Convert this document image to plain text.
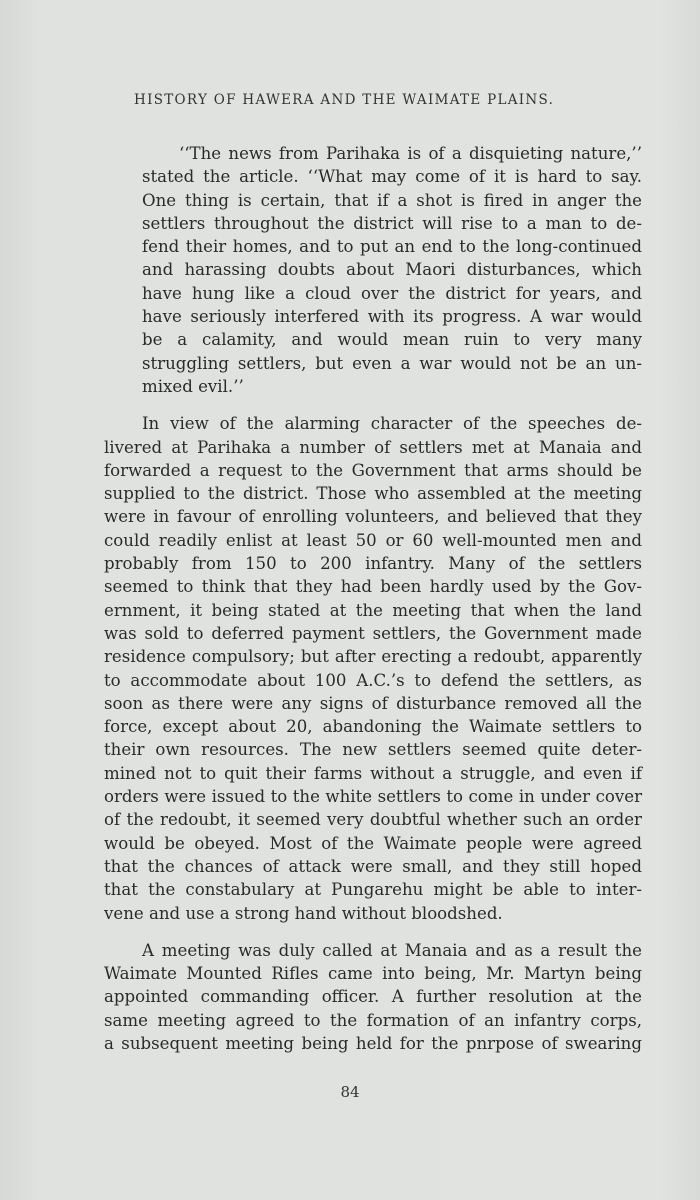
HISTORY OF HAWERA AND THE WAIMATE PLAINS.

‘‘The news from Parihaka is of a disquieting nature,’’
stated the article. ‘‘What may come of it is hard to say.
One thing is certain, that if a shot is fired in anger the
settlers throughout the district will rise to a man to de-
fend their homes, and to put an end to the long-continued
and harassing doubts about Maori disturbances, which
have hung like a cloud over the district for years, and
have seriously interfered with its progress. A war would
be a calamity, and would mean ruin to very many
struggling settlers, but even a war would not be an un-
mixed evil.’’

In view of the alarming character of the speeches de-
livered at Parihaka a number of settlers met at Manaia and
forwarded a request to the Government that arms should be
supplied to the district. Those who assembled at the meeting
were in favour of enrolling volunteers, and believed that they
could readily enlist at least 50 or 60 well-mounted men and
probably from 150 to 200 infantry. Many of the settlers
seemed to think that they had been hardly used by the Gov-
ernment, it being stated at the meeting that when the land
was sold to deferred payment settlers, the Government made
residence compulsory; but after erecting a redoubt, apparently
to accommodate about 100 A.C.’s to defend the settlers, as
soon as there were any signs of disturbance removed all the
force, except about 20, abandoning the Waimate settlers to
their own resources. The new settlers seemed quite deter-
mined not to quit their farms without a struggle, and even if
orders were issued to the white settlers to come in under cover
of the redoubt, it seemed very doubtful whether such an order
would be obeyed. Most of the Waimate people were agreed
that the chances of attack were small, and they still hoped
that the constabulary at Pungarehu might be able to inter-
vene and use a strong hand without bloodshed.

A meeting was duly called at Manaia and as a result the
Waimate Mounted Rifles came into being, Mr. Martyn being
appointed commanding officer. A further resolution at the
same meeting agreed to the formation of an infantry corps,
a subsequent meeting being held for the pnrpose of swearing

84
